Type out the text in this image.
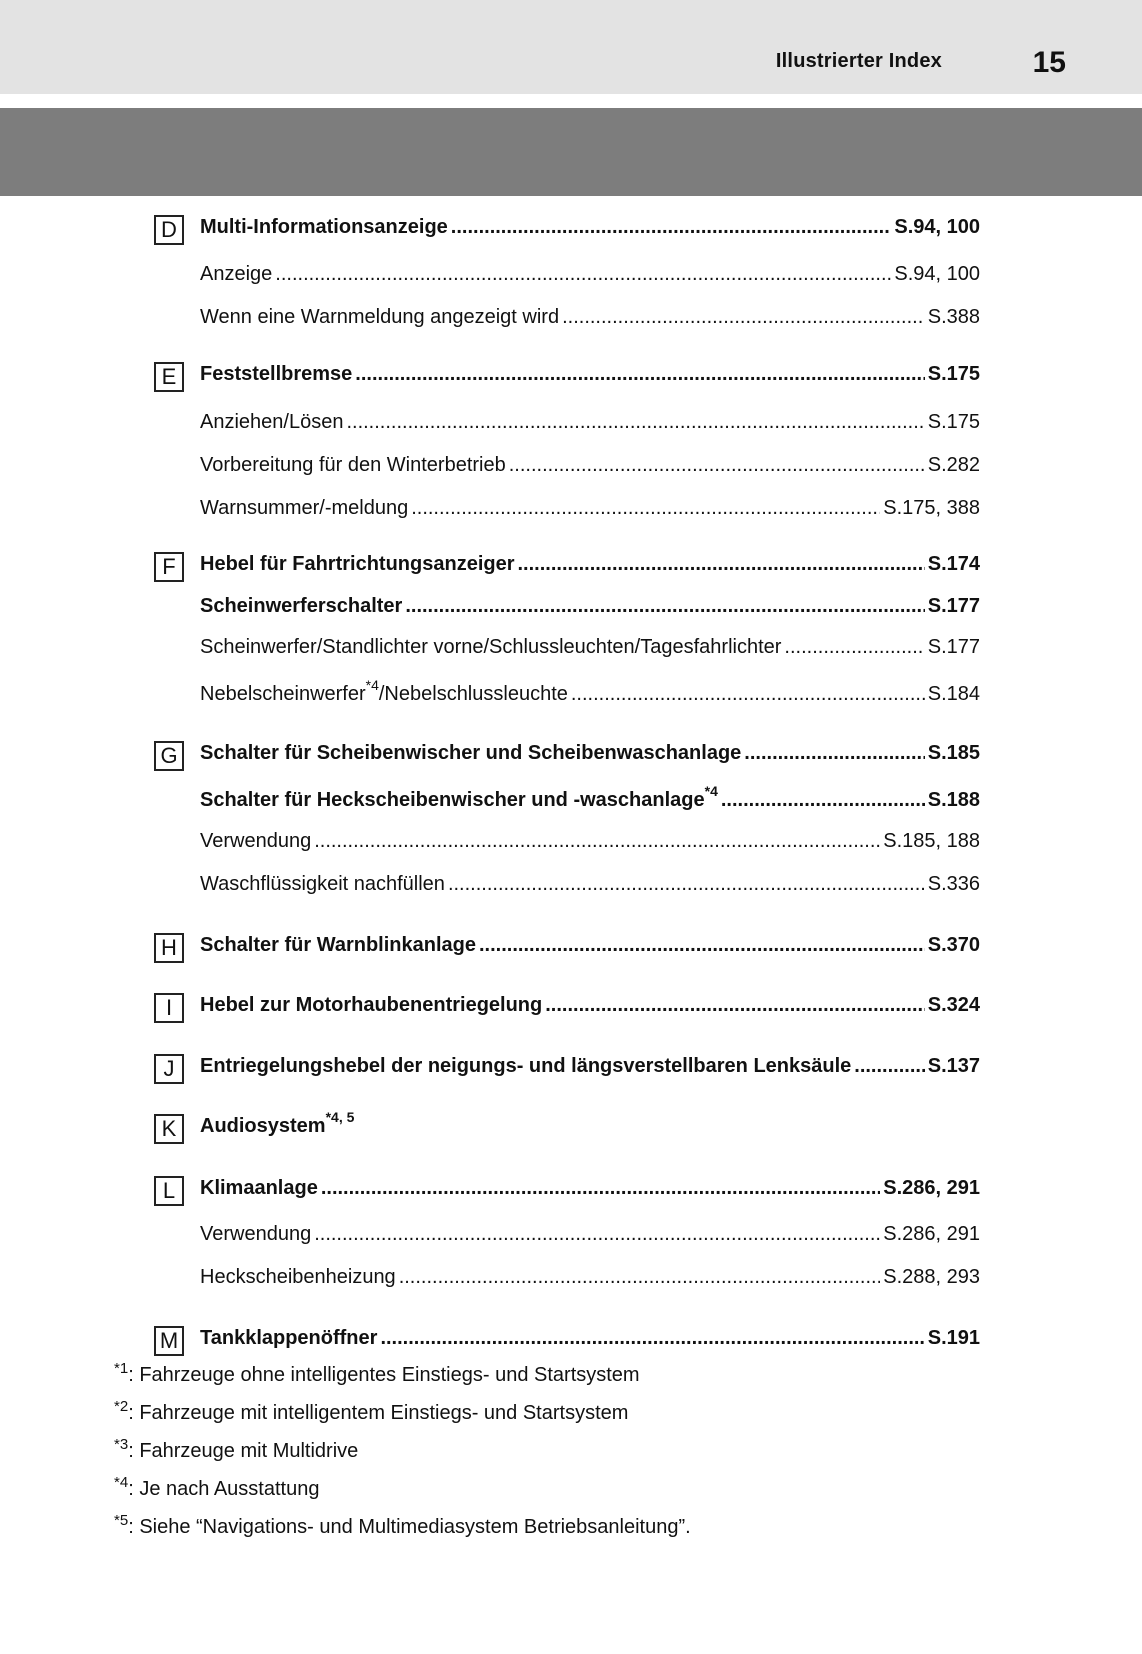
Illustrierter Index	15
D	Multi-Informationsanzeige .....	S.94, 100
Anzeige .....	S.94, 100
Wenn eine Warnmeldung angezeigt wird .....	S.388
E	Feststellbremse .....	S.175
Anziehen/Lösen .....	S.175
Vorbereitung für den Winterbetrieb .....	S.282
Warnsummer/-meldung .....	S.175, 388
F	Hebel für Fahrtrichtungsanzeiger .....	S.174
Scheinwerferschalter .....	S.177
Scheinwerfer/Standlichter vorne/Schlussleuchten/Tagesfahrlichter .....	S.177
Nebelscheinwerfer$^{*4}$/Nebelschlussleuchte .....	S.184
G	Schalter für Scheibenwischer und Scheibenwaschanlage .....	S.185
Schalter für Heckscheibenwischer und -waschanlage$^{*4}$ .....	S.188
Verwendung .....	S.185, 188
Waschflüssigkeit nachfüllen .....	S.336
H	Schalter für Warnblinkanlage .....	S.370
I	Hebel zur Motorhaubenentriegelung .....	S.324
J	Entriegelungshebel der neigungs- und längsverstellbaren Lenksäule .....	S.137
K	Audiosystem$^{*4, 5}$
L	Klimaanlage .....	S.286, 291
Verwendung .....	S.286, 291
Heckscheibenheizung .....	S.288, 293
M Tankklappenöffner .....	S.191
$^{*1}$: Fahrzeuge ohne intelligentes Einstiegs- und Startsystem
$^{*2}$: Fahrzeuge mit intelligentem Einstiegs- und Startsystem
$^{*3}$: Fahrzeuge mit Multidrive
$^{*4}$: Je nach Ausstattung
$^{*5}$: Siehe “Navigations- und Multimediasystem Betriebsanleitung”.
